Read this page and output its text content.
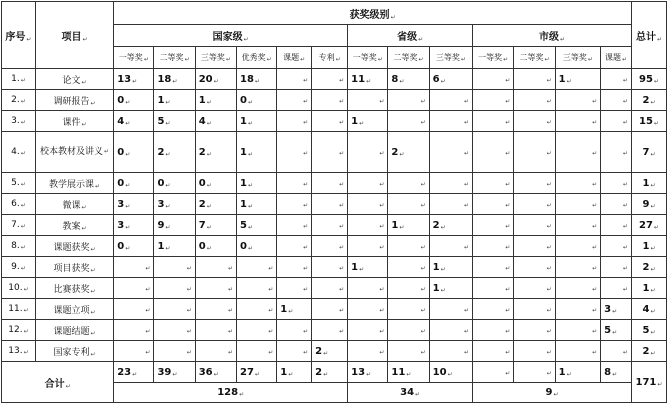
序号↵	项目↵	获奖级别↵													总计↵
		国家级↵						省级↵			市级↵				
		一等奖↵	二等奖↵	三等奖↵	优秀奖↵	课题↵	专利↵	一等奖↵	二等奖↵	三等奖↵	一等奖↵	二等奖↵	三等奖↵	课题↵	
1.↵	论文↵	13↵	18↵	20↵	18↵	↵	↵	11↵	8↵	6↵	↵	↵	1↵	↵	95↵
2.↵	调研报告↵	0↵	1↵	1↵	0↵	↵	↵	↵	↵	↵	↵	↵	↵	↵	2↵
3.↵	课件↵	4↵	5↵	4↵	1↵	↵	↵	1↵	↵	↵	↵	↵	↵	↵	15↵
4.↵	校本教材及讲义↵	0↵	2↵	2↵	1↵	↵	↵	↵	2↵	↵	↵	↵	↵	↵	7↵
5.↵	教学展示课↵	0↵	0↵	0↵	1↵	↵	↵	↵	↵	↵	↵	↵	↵	↵	1↵
6.↵	微课↵	3↵	3↵	2↵	1↵	↵	↵	↵	↵	↵	↵	↵	↵	↵	9↵
7.↵	教案↵	3↵	9↵	7↵	5↵	↵	↵	↵	1↵	2↵	↵	↵	↵	↵	27↵
8.↵	课题获奖↵	0↵	1↵	0↵	0↵	↵	↵	↵	↵	↵	↵	↵	↵	↵	1↵
9.↵	项目获奖↵	↵	↵	↵	↵	↵	↵	1↵	↵	1↵	↵	↵	↵	↵	2↵
10.↵	比赛获奖↵	↵	↵	↵	↵	↵	↵	↵	↵	1↵	↵	↵	↵	↵	1↵
11.↵	课题立项↵	↵	↵	↵	↵	1↵	↵	↵	↵	↵	↵	↵	↵	3↵	4↵
12.↵	课题结题↵	↵	↵	↵	↵	↵	↵	↵	↵	↵	↵	↵	↵	5↵	5↵
13.↵	国家专利↵	↵	↵	↵	↵	↵	2↵	↵	↵	↵	↵	↵	↵	↵	2↵
合计↵		23↵	39↵	36↵	27↵	1↵	2↵	13↵	11↵	10↵	↵	↵	1↵	8↵	171↵
		128↵						34↵			9↵				
